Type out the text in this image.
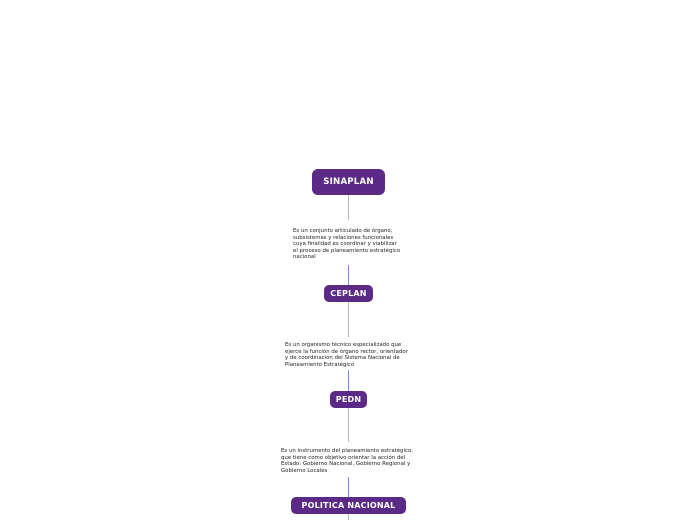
SINAPLAN
Es un conjunto articulado de órgano,
subsistemas y relaciones funcionales
cuya finalidad es coordinar y viabilizar
el proceso de planeamiento estratégico
nacional
CEPLAN
Es un organismo técnico especializado que
ejerce la función de órgano rector, orientador
y de coordinación del Sistema Nacional de
Planeamiento Estratégico
PEDN
Es un instrumento del planeamiento estratégico,
que tiene como objetivo orientar la acción del
Estado: Gobierno Nacional, Gobierno Regional y
Gobierno Locales
POLITICA NACIONAL
